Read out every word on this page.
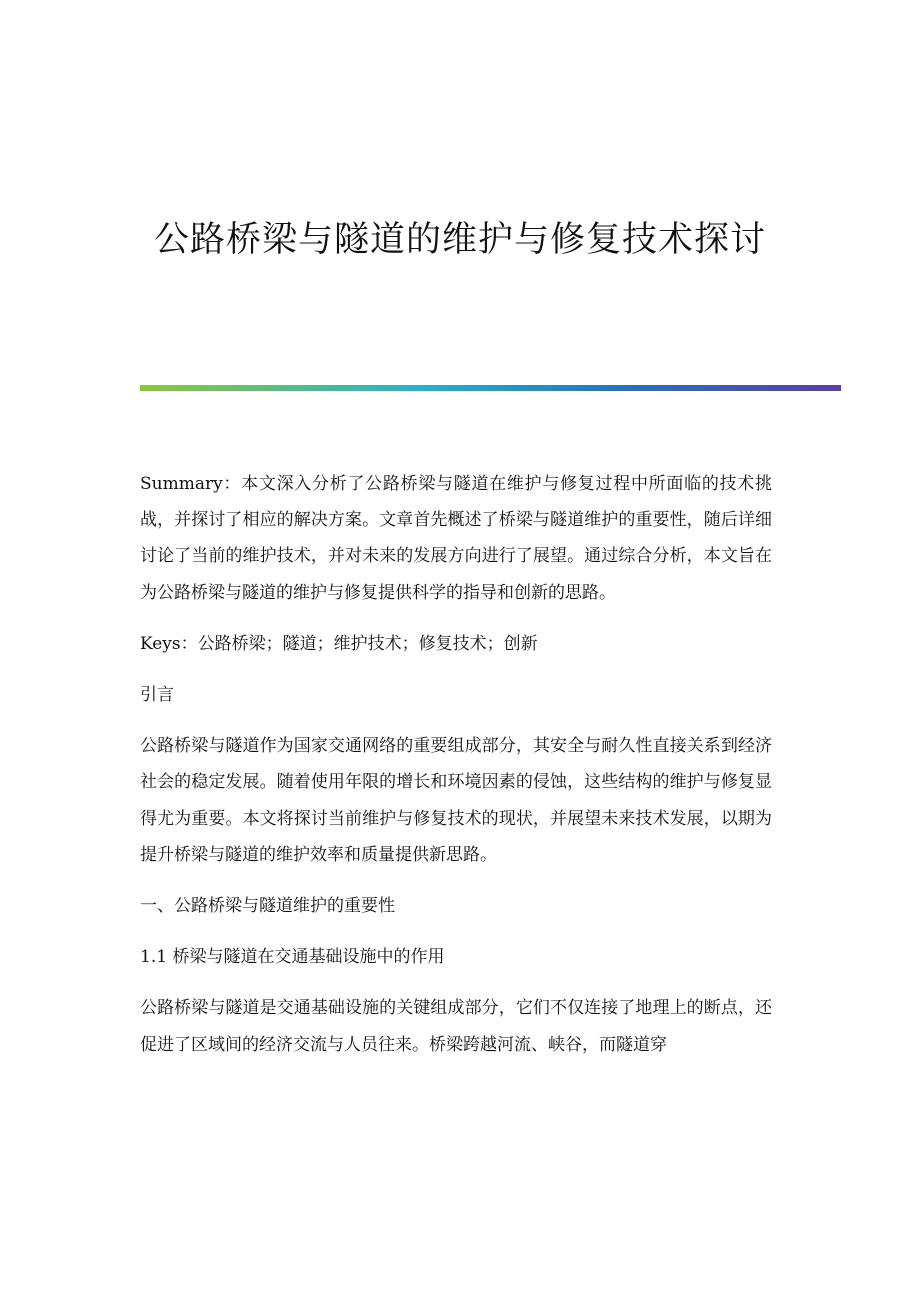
公路桥梁与隧道的维护与修复技术探讨

Summary：本文深入分析了公路桥梁与隧道在维护与修复过程中所面临的技术挑战，并探讨了相应的解决方案。文章首先概述了桥梁与隧道维护的重要性，随后详细讨论了当前的维护技术，并对未来的发展方向进行了展望。通过综合分析，本文旨在为公路桥梁与隧道的维护与修复提供科学的指导和创新的思路。

Keys：公路桥梁；隧道；维护技术；修复技术；创新

引言

公路桥梁与隧道作为国家交通网络的重要组成部分，其安全与耐久性直接关系到经济社会的稳定发展。随着使用年限的增长和环境因素的侵蚀，这些结构的维护与修复显得尤为重要。本文将探讨当前维护与修复技术的现状，并展望未来技术发展，以期为提升桥梁与隧道的维护效率和质量提供新思路。

一、公路桥梁与隧道维护的重要性

1.1 桥梁与隧道在交通基础设施中的作用

公路桥梁与隧道是交通基础设施的关键组成部分，它们不仅连接了地理上的断点，还促进了区域间的经济交流与人员往来。桥梁跨越河流、峡谷，而隧道穿
